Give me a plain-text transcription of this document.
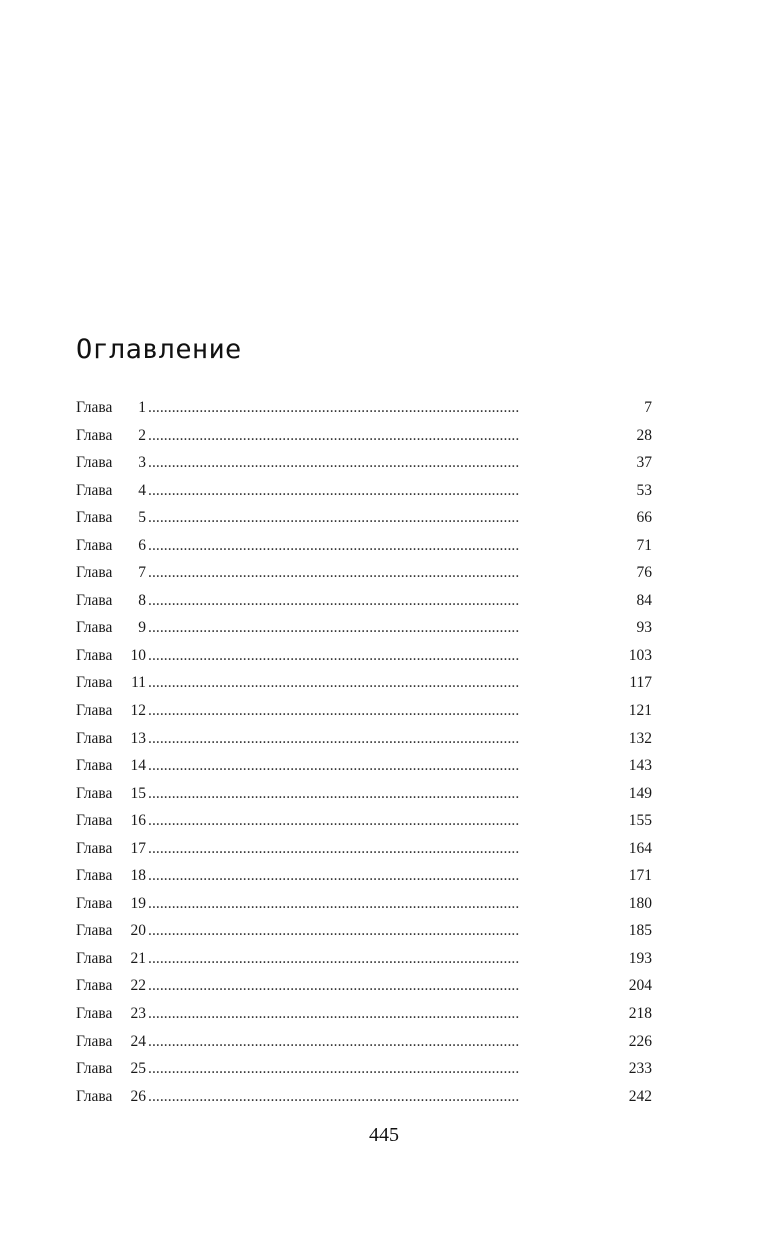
Оглавление
Глава	1 . . .	7
Глава	2 . . .	28
Глава	3 . . .	37
Глава	4 . . .	53
Глава	5 . . .	66
Глава	6 . . .	71
Глава	7 . . .	76
Глава	8 . . .	84
Глава	9 . . .	93
Глава	10 . . .	103
Глава	11 . . .	117
Глава	12 . . .	121
Глава	13 . . .	132
Глава	14 . . .	143
Глава	15 . . .	149
Глава	16 . . .	155
Глава	17 . . .	164
Глава	18 . . .	171
Глава	19 . . .	180
Глава	20 . . .	185
Глава	21 . . .	193
Глава	22 . . .	204
Глава	23 . . .	218
Глава	24 . . .	226
Глава	25 . . .	233
Глава	26 . . .	242
445
